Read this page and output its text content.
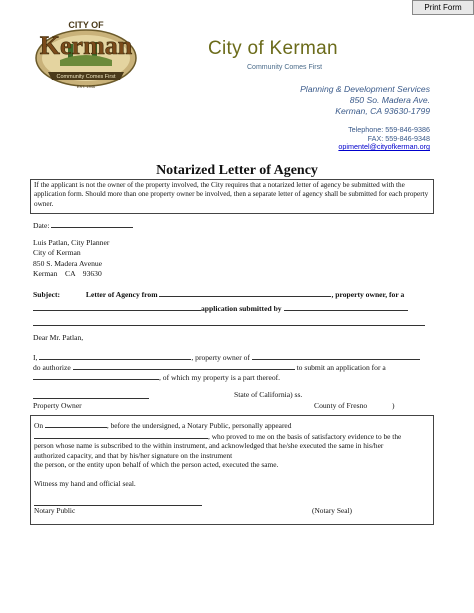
Print Form
CITY OF
Kerman
Community Comes First
EST. 1946
City of Kerman
Community Comes First
Planning & Development Services
850 So. Madera Ave.
Kerman, CA 93630-1799
Telephone: 559-846-9386
FAX: 559-846-9348
opimentel@cityofkerman.org
Notarized Letter of Agency
If the applicant is not the owner of the property involved, the City requires that a notarized letter of agency be submitted with the application form. Should more than one property owner be involved, then a separate letter of agency shall be submitted for each property owner.
Date:
Luis Patlan, City Planner
City of Kerman
850 S. Madera Avenue
Kerman    CA    93630
Subject:	Letter of Agency from	, property owner, for a
application submitted by
Dear Mr. Patlan,
I,	, property owner of
do authorize	to submit an application for a
, of which my property is a part thereof.
State of California) ss.
Property Owner	County of Fresno	)
On	, before the undersigned, a Notary Public, personally appeared
, who proved to me on the basis of satisfactory evidence to be the
person whose name is subscribed to the within instrument, and acknowledged that he/she executed the same in his/her
authorized capacity, and that by his/her signature on the instrument
the person, or the entity upon behalf of which the person acted, executed the same.
Witness my hand and official seal.
Notary Public	(Notary Seal)
